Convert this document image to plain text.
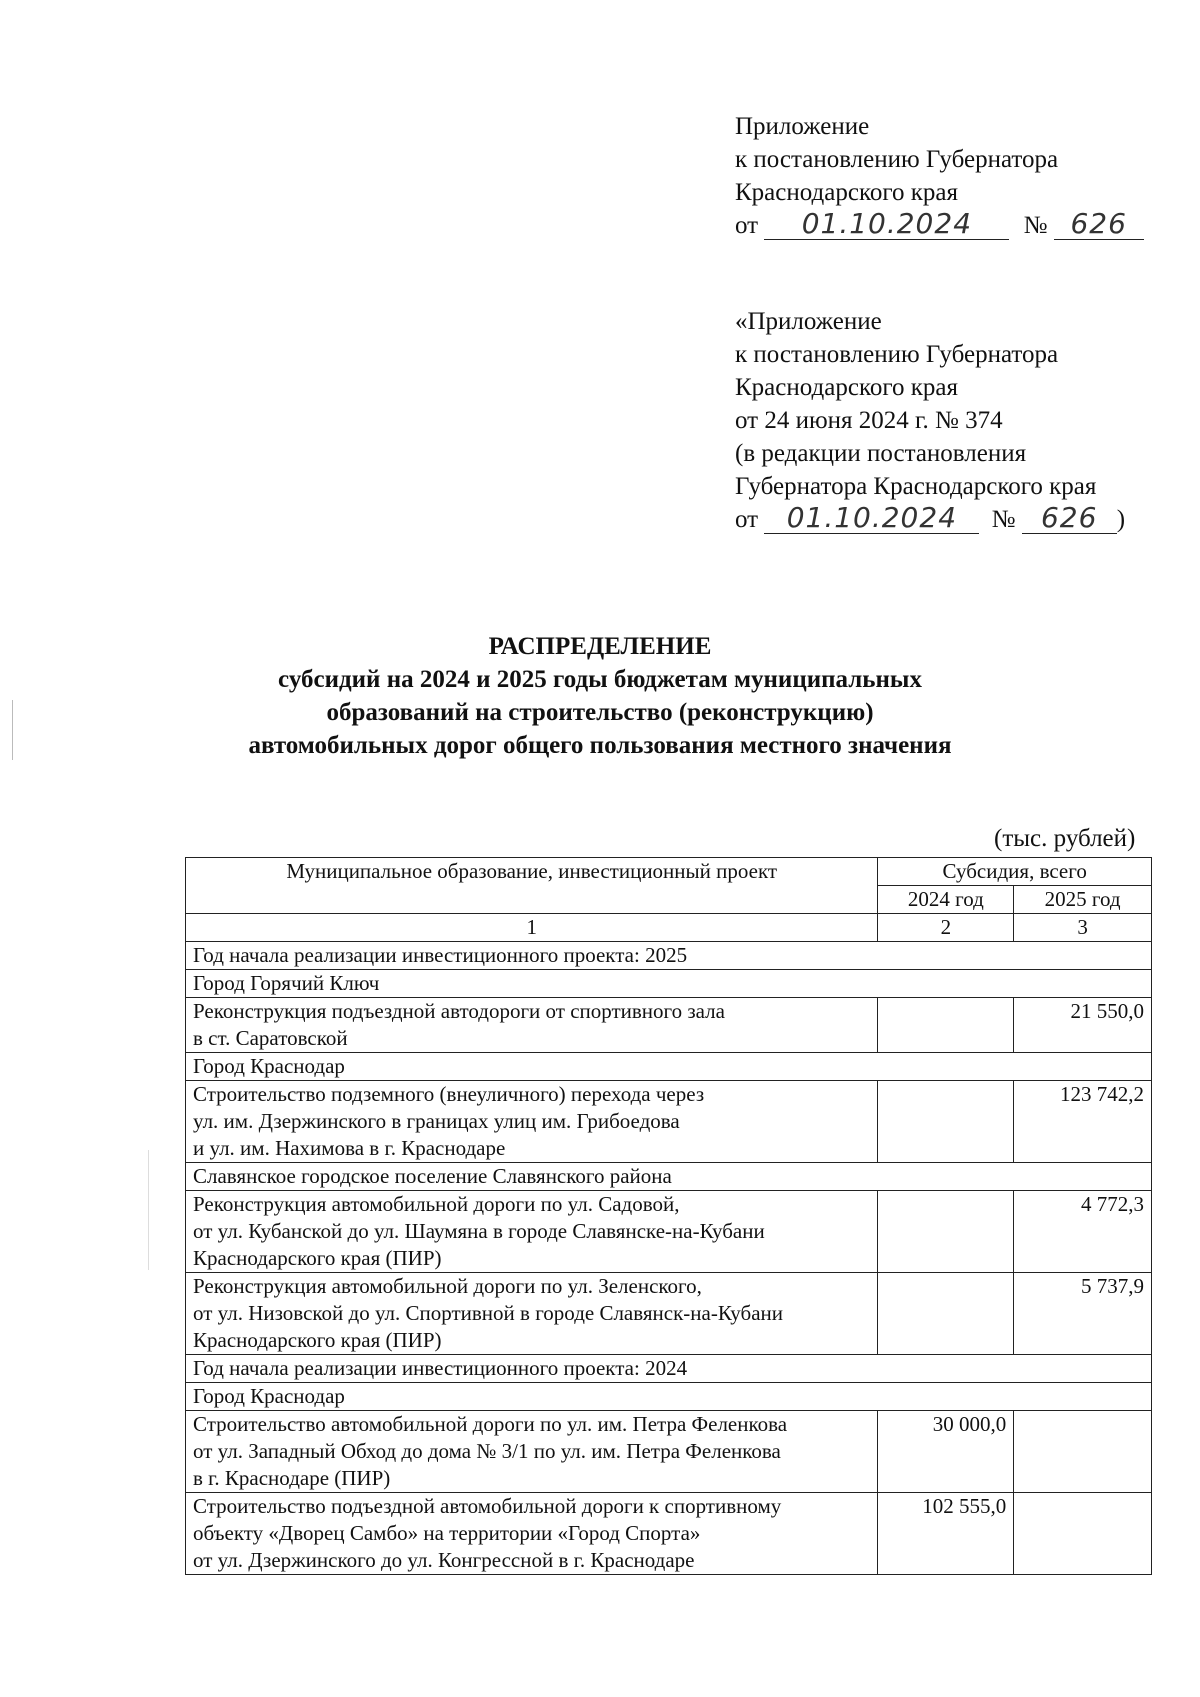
Приложение
к постановлению Губернатора
Краснодарского края
от 01.10.2024 № 626
«Приложение
к постановлению Губернатора
Краснодарского края
от 24 июня 2024 г. № 374
(в редакции постановления
Губернатора Краснодарского края
от 01.10.2024 № 626 )
РАСПРЕДЕЛЕНИЕ
субсидий на 2024 и 2025 годы бюджетам муниципальных
образований на строительство (реконструкцию)
автомобильных дорог общего пользования местного значения
(тыс. рублей)
Муниципальное образование, инвестиционный проект	Субсидия, всего	
	2024 год	2025 год
1	2	3
Год начала реализации инвестиционного проекта: 2025		
Город Горячий Ключ		

Реконструкция подъездной автодороги от спортивного зала
в ст. Саратовской		21 550,0
Город Краснодар		

Строительство подземного (внеуличного) перехода через
ул. им. Дзержинского в границах улиц им. Грибоедова
и ул. им. Нахимова в г. Краснодаре		123 742,2
Славянское городское поселение Славянского района		

Реконструкция автомобильной дороги по ул. Садовой,
от ул. Кубанской до ул. Шаумяна в городе Славянске-на-Кубани
Краснодарского края (ПИР)		4 772,3

Реконструкция автомобильной дороги по ул. Зеленского,
от ул. Низовской до ул. Спортивной в городе Славянск-на-Кубани
Краснодарского края (ПИР)		5 737,9
Год начала реализации инвестиционного проекта: 2024		
Город Краснодар		

Строительство автомобильной дороги по ул. им. Петра Феленкова
от ул. Западный Обход до дома № 3/1 по ул. им. Петра Феленкова
в г. Краснодаре (ПИР)	30 000,0	

Строительство подъездной автомобильной дороги к спортивному
объекту «Дворец Самбо» на территории «Город Спорта»
от ул. Дзержинского до ул. Конгрессной в г. Краснодаре	102 555,0	
